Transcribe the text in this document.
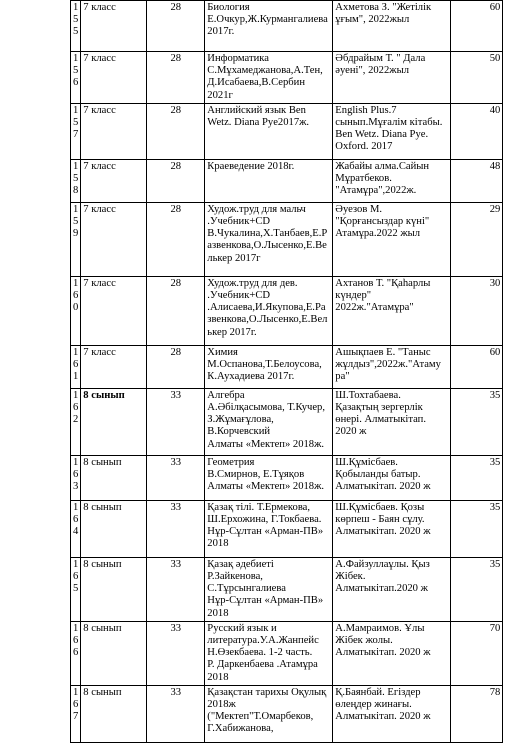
155	7 класс	28	Биология
Е.Очкур,Ж.Курмангалиева
2017г.	Ахметова З. "Жетілік
ұғым", 2022жыл	60
156	7 класс	28	Информатика
С.Мұхамеджанова,А.Тен,
Д.Исабаева,В.Сербин
2021г	Әбдрайым Т. " Дала
әуені", 2022жыл	50
157	7 класс	28	Английский язык Ben
Wetz. Diana Pye2017ж.	English Plus.7
сынып.Мұғалім кітабы.
Ben Wetz. Diana Pye.
Oxford. 2017	40
158	7 класс	28	Краеведение 2018г.	Жабайы алма.Сайын
Мұратбеков.
"Атамұра",2022ж.	48
159	7 класс	28	Худож.труд для мальч
.Учебник+CD
В.Чукалина,Х.Танбаев,Е.Р
азвенкова,О.Лысенко,Е.Ве
лькер 2017г	Әуезов М.
"Қорғансыздар күні"
Атамұра.2022 жыл	29
160	7 класс	28	Худож.труд для дев.
.Учебник+CD
.Алисаева,И.Якупова,Е.Ра
звенкова,О.Лысенко,Е.Вел
ькер 2017г.	Ахтанов Т. "Қаһарлы
күндер"
2022ж."Атамұра"	30
161	7 класс	28	Химия
М.Оспанова,Т.Белоусова,
К.Аухадиева 2017г.	Ашықпаев Е. "Таныс
жұлдыз",2022ж."Атаму
ра"	60
162	8 сынып	33	Алгебра
А.Әбілқасымова, Т.Кучер,
З.Жұмағұлова,
В.Корчевский
Алматы «Мектеп» 2018ж.	Ш.Тохтабаева.
Қазақтың зергерлік
өнері. Алматыкітап.
2020 ж	35
163	8 сынып	33	Геометрия
В.Смирнов, Е.Тұяқов
Алматы «Мектеп» 2018ж.	Ш.Құмісбаев.
Қобыланды батыр.
Алматыкітап. 2020 ж	35
164	8 сынып	33	Қазақ тілі. Т.Ермекова,
Ш.Ерхожина, Г.Токбаева.
Нұр-Сұлтан «Арман-ПВ»
2018	Ш.Құмісбаев. Қозы
көрпеш - Баян сұлу.
Алматыкітап. 2020 ж	35
165	8 сынып	33	Қазақ әдебиеті
Р.Зайкенова,
С.Тұрсынгалиева
Нұр-Сұлтан «Арман-ПВ»
2018	А.Файзуллаұлы. Қыз
Жібек.
Алматыкітап.2020 ж	35
166	8 сынып	33	Русский язык и
литература.У.А.Жанпейс
Н.Өзекбаева. 1-2 часть.
Р. Даркенбаева .Атамұра
2018	А.Мамраимов. Ұлы
Жібек жолы.
Алматыкітап. 2020 ж	70
167	8 сынып	33	Қазақстан тарихы Оқулық
2018ж
("Мектеп"Т.Омарбеков,
Г.Хабижанова,	Қ.Баянбай. Егіздер
өлеңдер жинағы.
Алматыкітап. 2020 ж	78
